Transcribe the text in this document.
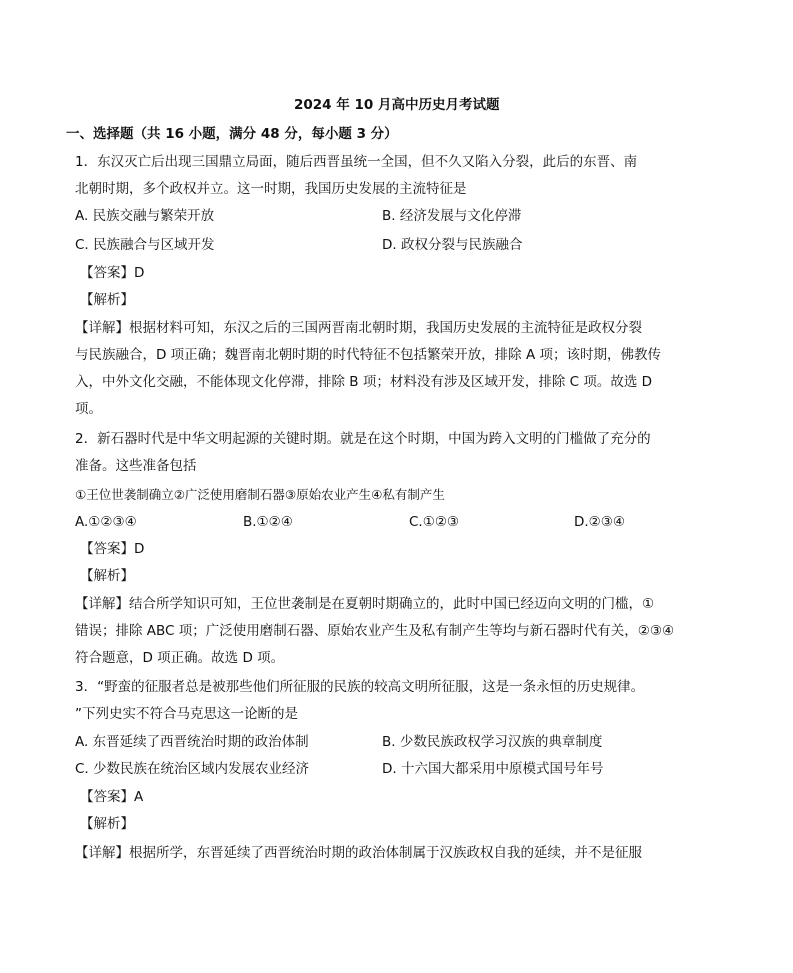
2024 年 10 月高中历史月考试题
一、选择题（共 16 小题，满分 48 分，每小题 3 分）
1．东汉灭亡后出现三国鼎立局面，随后西晋虽统一全国，但不久又陷入分裂，此后的东晋、南
北朝时期，多个政权并立。这一时期，我国历史发展的主流特征是
A. 民族交融与繁荣开放	B. 经济发展与文化停滞
C. 民族融合与区域开发	D. 政权分裂与民族融合
【答案】D
【解析】
【详解】根据材料可知，东汉之后的三国两晋南北朝时期，我国历史发展的主流特征是政权分裂
与民族融合，D 项正确；魏晋南北朝时期的时代特征不包括繁荣开放，排除 A 项；该时期，佛教传
入，中外文化交融，不能体现文化停滞，排除 B 项；材料没有涉及区域开发，排除 C 项。故选 D
项。
2．新石器时代是中华文明起源的关键时期。就是在这个时期，中国为跨入文明的门槛做了充分的
准备。这些准备包括
①王位世袭制确立②广泛使用磨制石器③原始农业产生④私有制产生
A.①②③④	B.①②④	C.①②③	D.②③④
【答案】D
【解析】
【详解】结合所学知识可知，王位世袭制是在夏朝时期确立的，此时中国已经迈向文明的门槛，①
错误；排除 ABC 项；广泛使用磨制石器、原始农业产生及私有制产生等均与新石器时代有关，②③④
符合题意，D 项正确。故选 D 项。
3．“野蛮的征服者总是被那些他们所征服的民族的较高文明所征服，这是一条永恒的历史规律。
”下列史实不符合马克思这一论断的是
A. 东晋延续了西晋统治时期的政治体制	B. 少数民族政权学习汉族的典章制度
C. 少数民族在统治区域内发展农业经济	D. 十六国大都采用中原模式国号年号
【答案】A
【解析】
【详解】根据所学，东晋延续了西晋统治时期的政治体制属于汉族政权自我的延续，并不是征服
